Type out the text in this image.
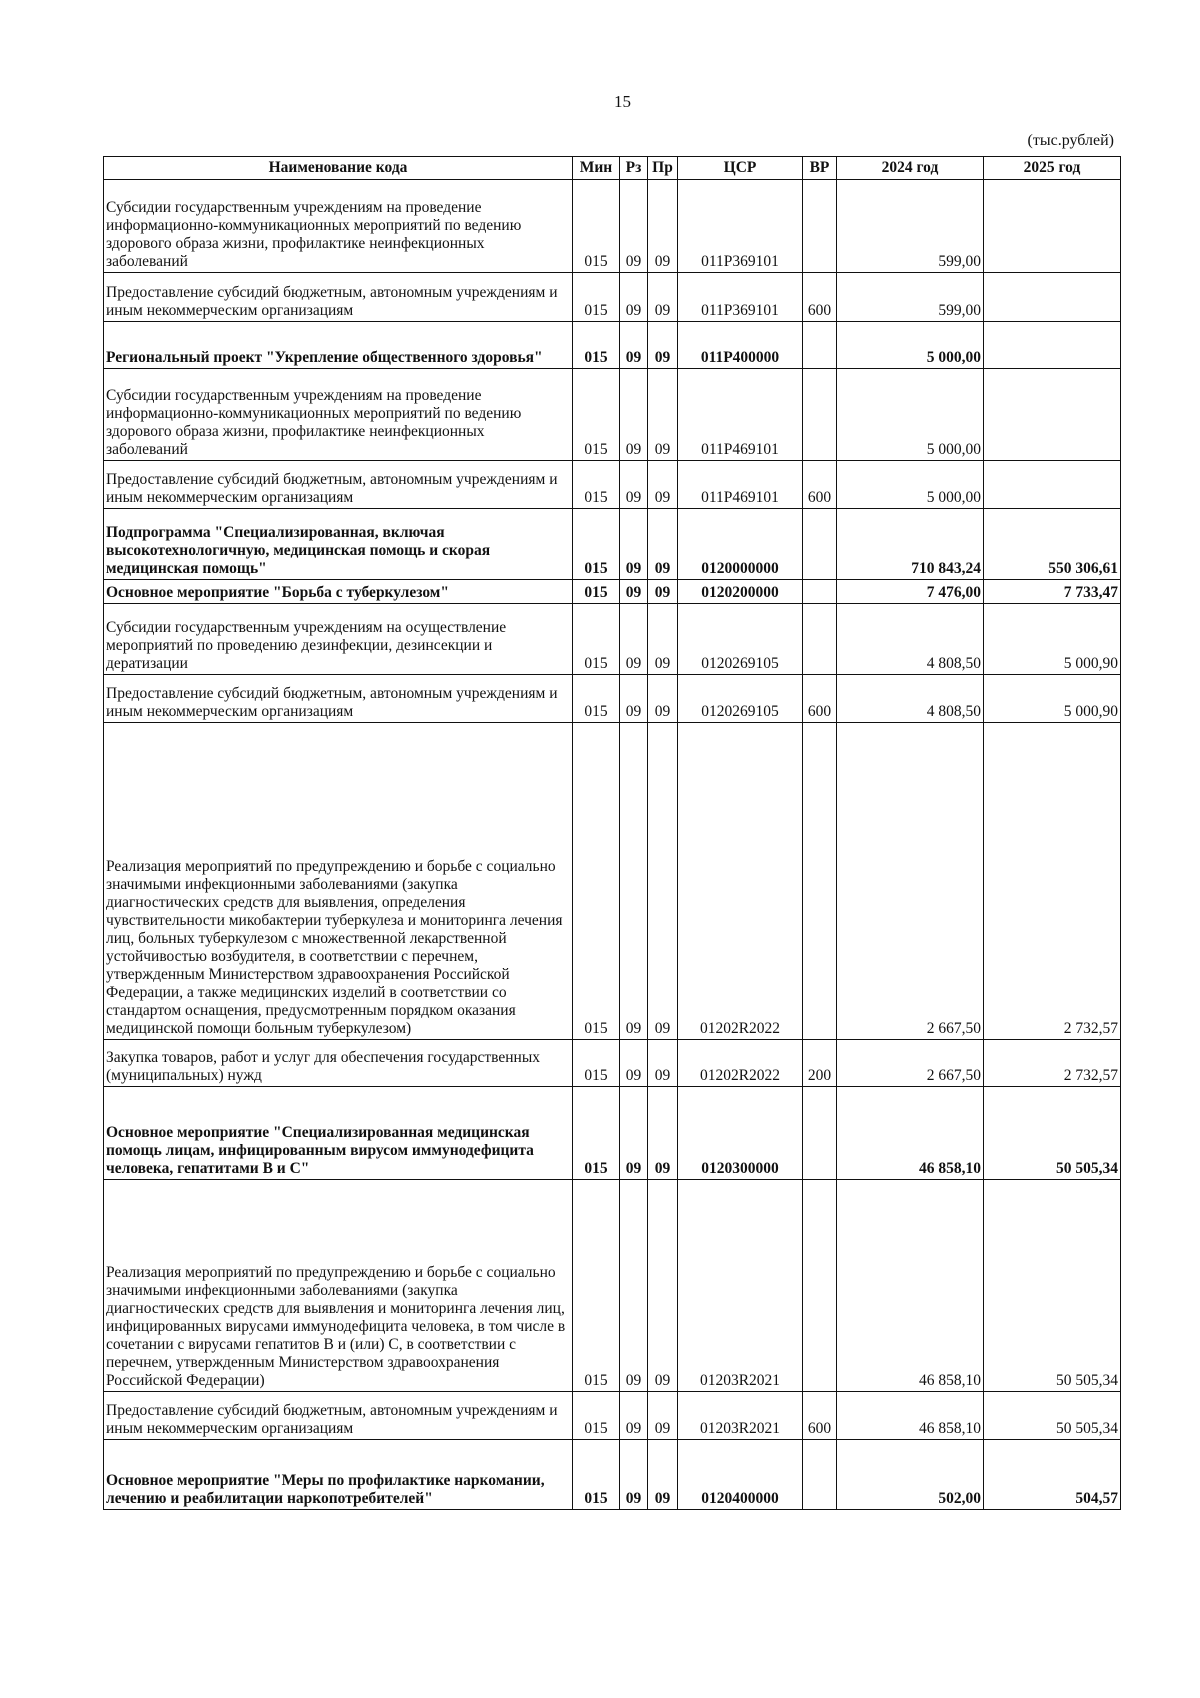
15
(тыс.рублей)
Наименование кода	Мин	Рз	Пр	ЦСР	ВР	2024 год	2025 год
Субсидии государственным учреждениям на проведение информационно-коммуникационных мероприятий по ведению здорового образа жизни, профилактике неинфекционных заболеваний	015	09	09	011P369101		599,00	
Предоставление субсидий бюджетным, автономным учреждениям и иным некоммерческим организациям	015	09	09	011P369101	600	599,00	
Региональный проект "Укрепление общественного здоровья"	015	09	09	011P400000		5 000,00	
Субсидии государственным учреждениям на проведение информационно-коммуникационных мероприятий по ведению здорового образа жизни, профилактике неинфекционных заболеваний	015	09	09	011P469101		5 000,00	
Предоставление субсидий бюджетным, автономным учреждениям и иным некоммерческим организациям	015	09	09	011P469101	600	5 000,00	
Подпрограмма "Специализированная, включая высокотехнологичную, медицинская помощь и скорая медицинская помощь"	015	09	09	0120000000		710 843,24	550 306,61
Основное мероприятие "Борьба с туберкулезом"	015	09	09	0120200000		7 476,00	7 733,47
Субсидии государственным учреждениям на осуществление мероприятий по проведению дезинфекции, дезинсекции и дератизации	015	09	09	0120269105		4 808,50	5 000,90
Предоставление субсидий бюджетным, автономным учреждениям и иным некоммерческим организациям	015	09	09	0120269105	600	4 808,50	5 000,90
Реализация мероприятий по предупреждению и борьбе с социально значимыми инфекционными заболеваниями (закупка диагностических средств для выявления, определения чувствительности микобактерии туберкулеза и мониторинга лечения лиц, больных туберкулезом с множественной лекарственной устойчивостью возбудителя, в соответствии с перечнем, утвержденным Министерством здравоохранения Российской Федерации, а также медицинских изделий в соответствии со стандартом оснащения, предусмотренным порядком оказания медицинской помощи больным туберкулезом)	015	09	09	01202R2022		2 667,50	2 732,57
Закупка товаров, работ и услуг для обеспечения государственных (муниципальных) нужд	015	09	09	01202R2022	200	2 667,50	2 732,57
Основное мероприятие "Специализированная медицинская помощь лицам, инфицированным вирусом иммунодефицита человека, гепатитами В и С"	015	09	09	0120300000		46 858,10	50 505,34
Реализация мероприятий по предупреждению и борьбе с социально значимыми инфекционными заболеваниями (закупка диагностических средств для выявления и мониторинга лечения лиц, инфицированных вирусами иммунодефицита человека, в том числе в сочетании с вирусами гепатитов В и (или) С, в соответствии с перечнем, утвержденным Министерством здравоохранения Российской Федерации)	015	09	09	01203R2021		46 858,10	50 505,34
Предоставление субсидий бюджетным, автономным учреждениям и иным некоммерческим организациям	015	09	09	01203R2021	600	46 858,10	50 505,34
Основное мероприятие "Меры по профилактике наркомании, лечению и реабилитации наркопотребителей"	015	09	09	0120400000		502,00	504,57
